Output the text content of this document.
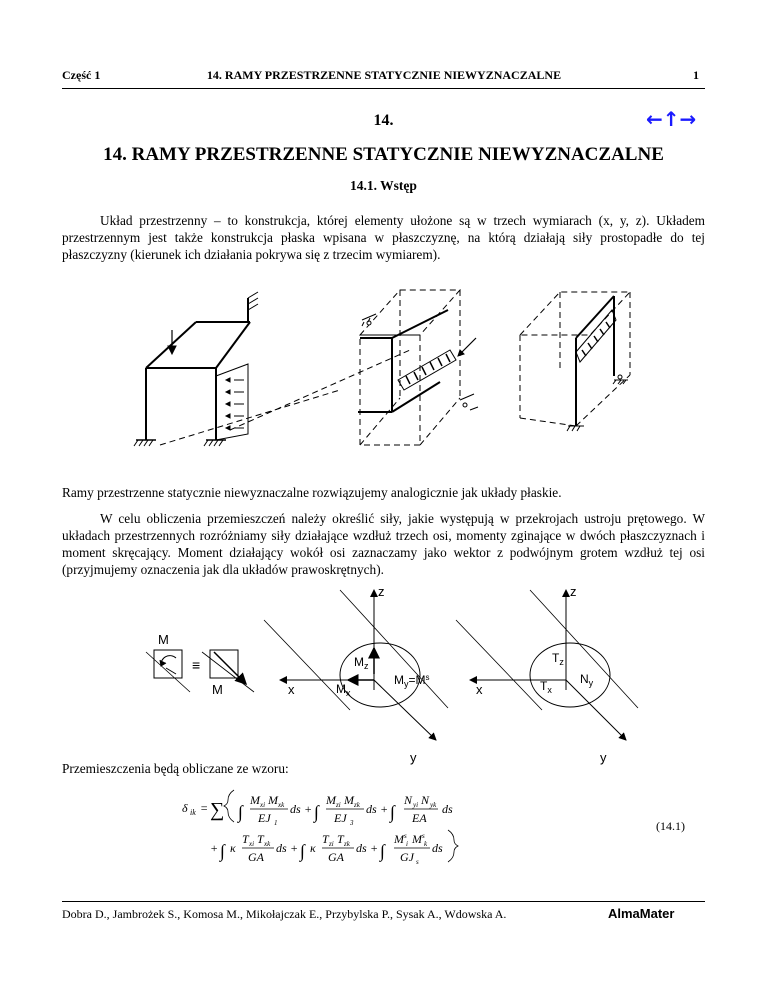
Część 1	14. RAMY PRZESTRZENNE STATYCZNIE NIEWYZNACZALNE	1
14.	←↑→
14. RAMY PRZESTRZENNE STATYCZNIE NIEWYZNACZALNE
14.1. Wstęp
Układ przestrzenny – to konstrukcja, której elementy ułożone są w trzech wymiarach (x, y, z). Układem przestrzennym jest także konstrukcja płaska wpisana w płaszczyznę, na którą działają siły prostopadłe do tej płaszczyzny (kierunek ich działania pokrywa się z trzecim wymiarem).
Ramy przestrzenne statycznie niewyznaczalne rozwiązujemy analogicznie jak układy płaskie.
W celu obliczenia przemieszczeń należy określić siły, jakie występują w przekrojach ustroju prętowego. W układach przestrzennych rozróżniamy siły działające wzdłuż trzech osi, momenty zginające w dwóch płaszczyznach i moment skręcający. Moment działający wokół osi zaznaczamy jako wektor z podwójnym grotem wzdłuż tej osi (przyjmujemy oznaczenia jak dla układów prawoskrętnych).
M
≡
M
z
x
y
$M_z$
$M_x$
$M_y=M^s$
z
x
y
$T_z$
$T_x$
$N_y$
Przemieszczenia będą obliczane ze wzoru:
δ ik = ∑ ∫
M xi M xk
EJ 1
ds + ∫
M zi M zk
EJ 3
ds + ∫
N yi N yk
EA
ds
+ ∫ κ
T xi T xk
GA
ds + ∫ κ
T zi T zk
GA
ds + ∫
M s
i M s
k
GJ s
ds
(14.1)
Dobra D., Jambrożek S., Komosa M., Mikołajczak E., Przybylska P., Sysak A., Wdowska A.	AlmaMater
